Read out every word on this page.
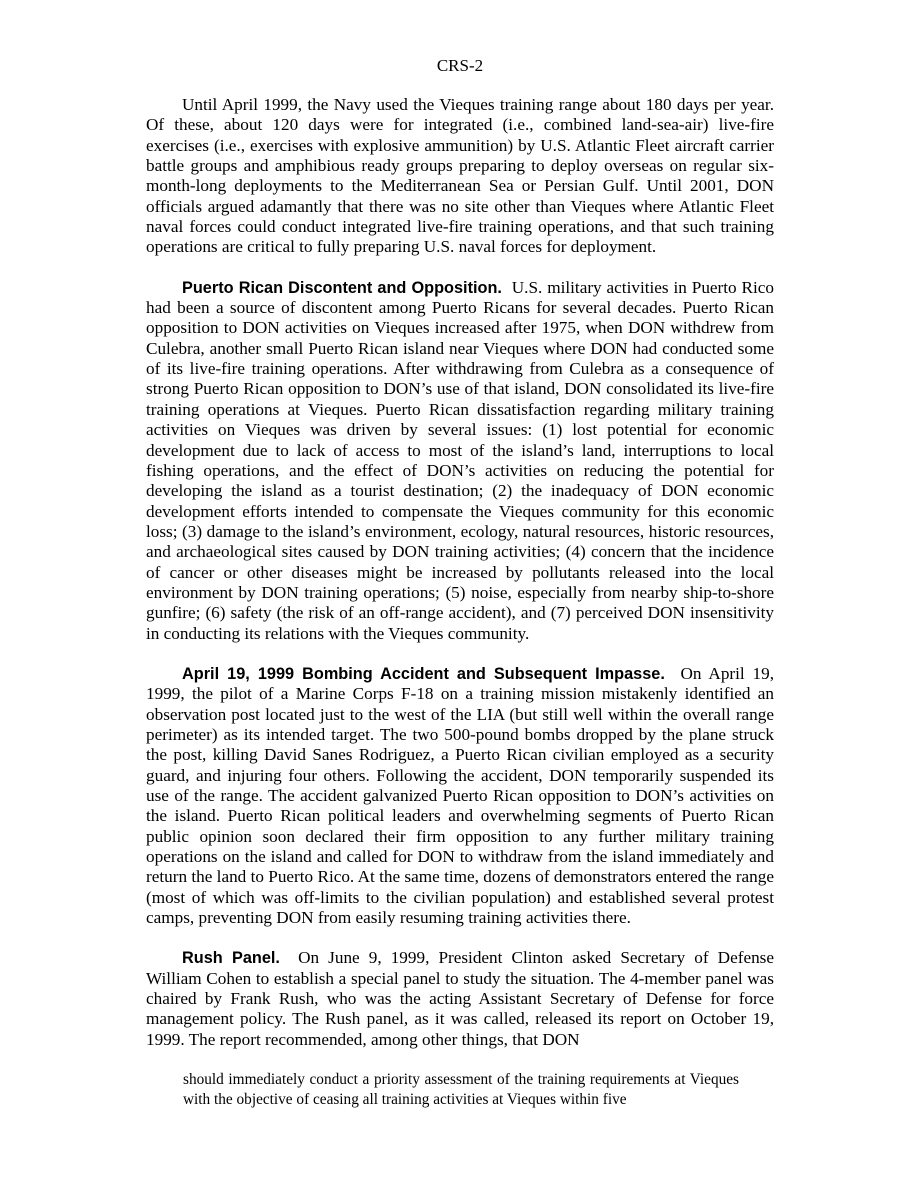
CRS-2

Until April 1999, the Navy used the Vieques training range about 180 days per year. Of these, about 120 days were for integrated (i.e., combined land-sea-air) live-fire exercises (i.e., exercises with explosive ammunition) by U.S. Atlantic Fleet aircraft carrier battle groups and amphibious ready groups preparing to deploy overseas on regular six-month-long deployments to the Mediterranean Sea or Persian Gulf. Until 2001, DON officials argued adamantly that there was no site other than Vieques where Atlantic Fleet naval forces could conduct integrated live-fire training operations, and that such training operations are critical to fully preparing U.S. naval forces for deployment.

Puerto Rican Discontent and Opposition. U.S. military activities in Puerto Rico had been a source of discontent among Puerto Ricans for several decades. Puerto Rican opposition to DON activities on Vieques increased after 1975, when DON withdrew from Culebra, another small Puerto Rican island near Vieques where DON had conducted some of its live-fire training operations. After withdrawing from Culebra as a consequence of strong Puerto Rican opposition to DON’s use of that island, DON consolidated its live-fire training operations at Vieques. Puerto Rican dissatisfaction regarding military training activities on Vieques was driven by several issues: (1) lost potential for economic development due to lack of access to most of the island’s land, interruptions to local fishing operations, and the effect of DON’s activities on reducing the potential for developing the island as a tourist destination; (2) the inadequacy of DON economic development efforts intended to compensate the Vieques community for this economic loss; (3) damage to the island’s environment, ecology, natural resources, historic resources, and archaeological sites caused by DON training activities; (4) concern that the incidence of cancer or other diseases might be increased by pollutants released into the local environment by DON training operations; (5) noise, especially from nearby ship-to-shore gunfire; (6) safety (the risk of an off-range accident), and (7) perceived DON insensitivity in conducting its relations with the Vieques community.

April 19, 1999 Bombing Accident and Subsequent Impasse. On April 19, 1999, the pilot of a Marine Corps F-18 on a training mission mistakenly identified an observation post located just to the west of the LIA (but still well within the overall range perimeter) as its intended target. The two 500-pound bombs dropped by the plane struck the post, killing David Sanes Rodriguez, a Puerto Rican civilian employed as a security guard, and injuring four others. Following the accident, DON temporarily suspended its use of the range. The accident galvanized Puerto Rican opposition to DON’s activities on the island. Puerto Rican political leaders and overwhelming segments of Puerto Rican public opinion soon declared their firm opposition to any further military training operations on the island and called for DON to withdraw from the island immediately and return the land to Puerto Rico. At the same time, dozens of demonstrators entered the range (most of which was off-limits to the civilian population) and established several protest camps, preventing DON from easily resuming training activities there.

Rush Panel. On June 9, 1999, President Clinton asked Secretary of Defense William Cohen to establish a special panel to study the situation. The 4-member panel was chaired by Frank Rush, who was the acting Assistant Secretary of Defense for force management policy. The Rush panel, as it was called, released its report on October 19, 1999. The report recommended, among other things, that DON

should immediately conduct a priority assessment of the training requirements at Vieques with the objective of ceasing all training activities at Vieques within five
